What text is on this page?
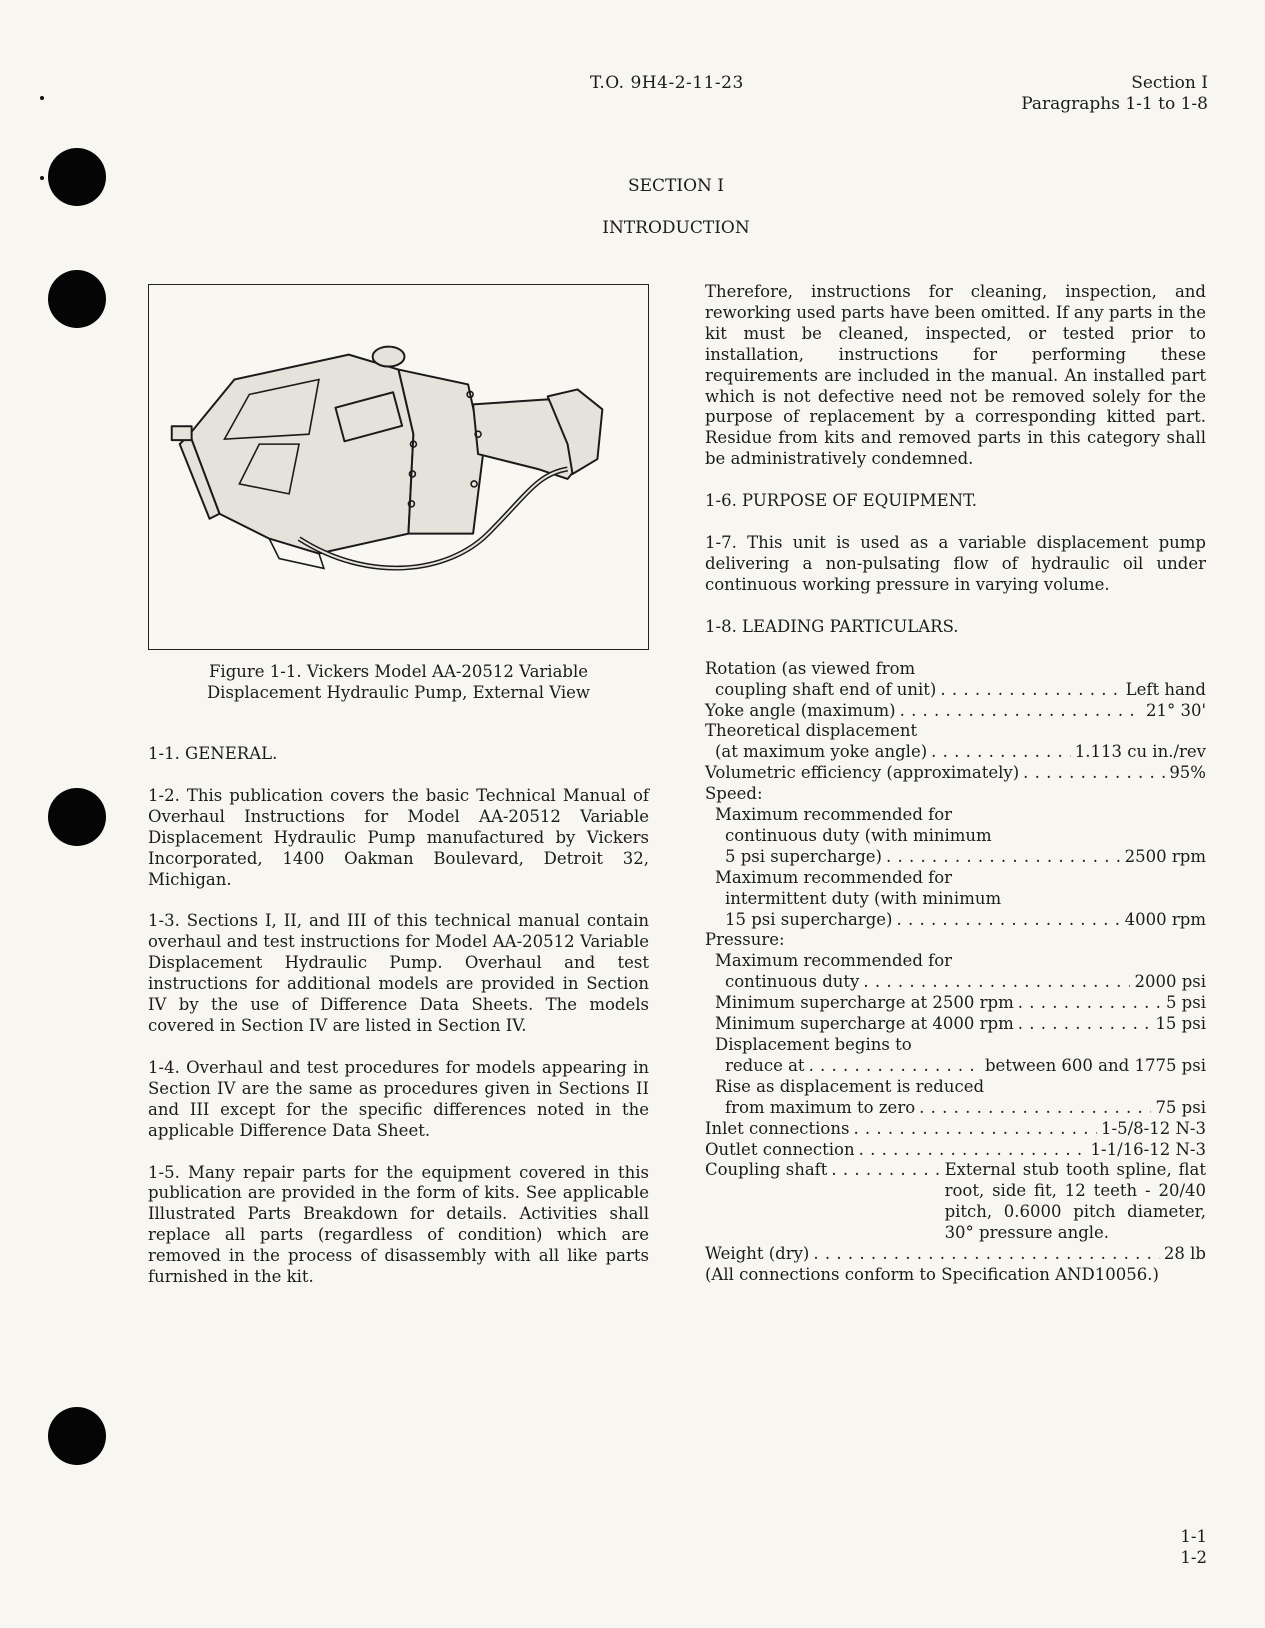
T.O. 9H4-2-11-23	Section I
Paragraphs 1-1 to 1-8
SECTION I
INTRODUCTION
Figure 1-1. Vickers Model AA-20512 Variable
Displacement Hydraulic Pump, External View
1-1. GENERAL.
1-2. This publication covers the basic Technical Manual of Overhaul Instructions for Model AA-20512 Variable Displacement Hydraulic Pump manufactured by Vickers Incorporated, 1400 Oakman Boulevard, Detroit 32, Michigan.
1-3. Sections I, II, and III of this technical manual contain overhaul and test instructions for Model AA-20512 Variable Displacement Hydraulic Pump. Overhaul and test instructions for additional models are provided in Section IV by the use of Difference Data Sheets. The models covered in Section IV are listed in Section IV.
1-4. Overhaul and test procedures for models appearing in Section IV are the same as procedures given in Sections II and III except for the specific differences noted in the applicable Difference Data Sheet.
1-5. Many repair parts for the equipment covered in this publication are provided in the form of kits. See applicable Illustrated Parts Breakdown for details. Activities shall replace all parts (regardless of condition) which are removed in the process of disassembly with all like parts furnished in the kit.
Therefore, instructions for cleaning, inspection, and reworking used parts have been omitted. If any parts in the kit must be cleaned, inspected, or tested prior to installation, instructions for performing these requirements are included in the manual. An installed part which is not defective need not be removed solely for the purpose of replacement by a corresponding kitted part. Residue from kits and removed parts in this category shall be administratively condemned.
1-6. PURPOSE OF EQUIPMENT.
1-7. This unit is used as a variable displacement pump delivering a non-pulsating flow of hydraulic oil under continuous working pressure in varying volume.
1-8. LEADING PARTICULARS.
Rotation (as viewed from
coupling shaft end of unit) . . .	Left hand
Yoke angle (maximum) . . .	21° 30'
Theoretical displacement
(at maximum yoke angle) . . .	1.113 cu in./rev
Volumetric efficiency (approximately) . . .	95%
Speed:
Maximum recommended for
continuous duty (with minimum
5 psi supercharge) . . .	2500 rpm
Maximum recommended for
intermittent duty (with minimum
15 psi supercharge) . . .	4000 rpm
Pressure:
Maximum recommended for
continuous duty . . .	2000 psi
Minimum supercharge at 2500 rpm . . .	5 psi
Minimum supercharge at 4000 rpm . . .	15 psi
Displacement begins to
reduce at . . .	between 600 and 1775 psi
Rise as displacement is reduced
from maximum to zero . . .	75 psi
Inlet connections . . .	1-5/8-12 N-3
Outlet connection . . .	1-1/16-12 N-3
Coupling shaft . . . . . . . . . . External stub tooth spline, flat root, side fit, 12 teeth - 20/40 pitch, 0.6000 pitch diameter, 30° pressure angle.
Weight (dry) . . .	28 lb
(All connections conform to Specification AND10056.)
1-1
1-2
